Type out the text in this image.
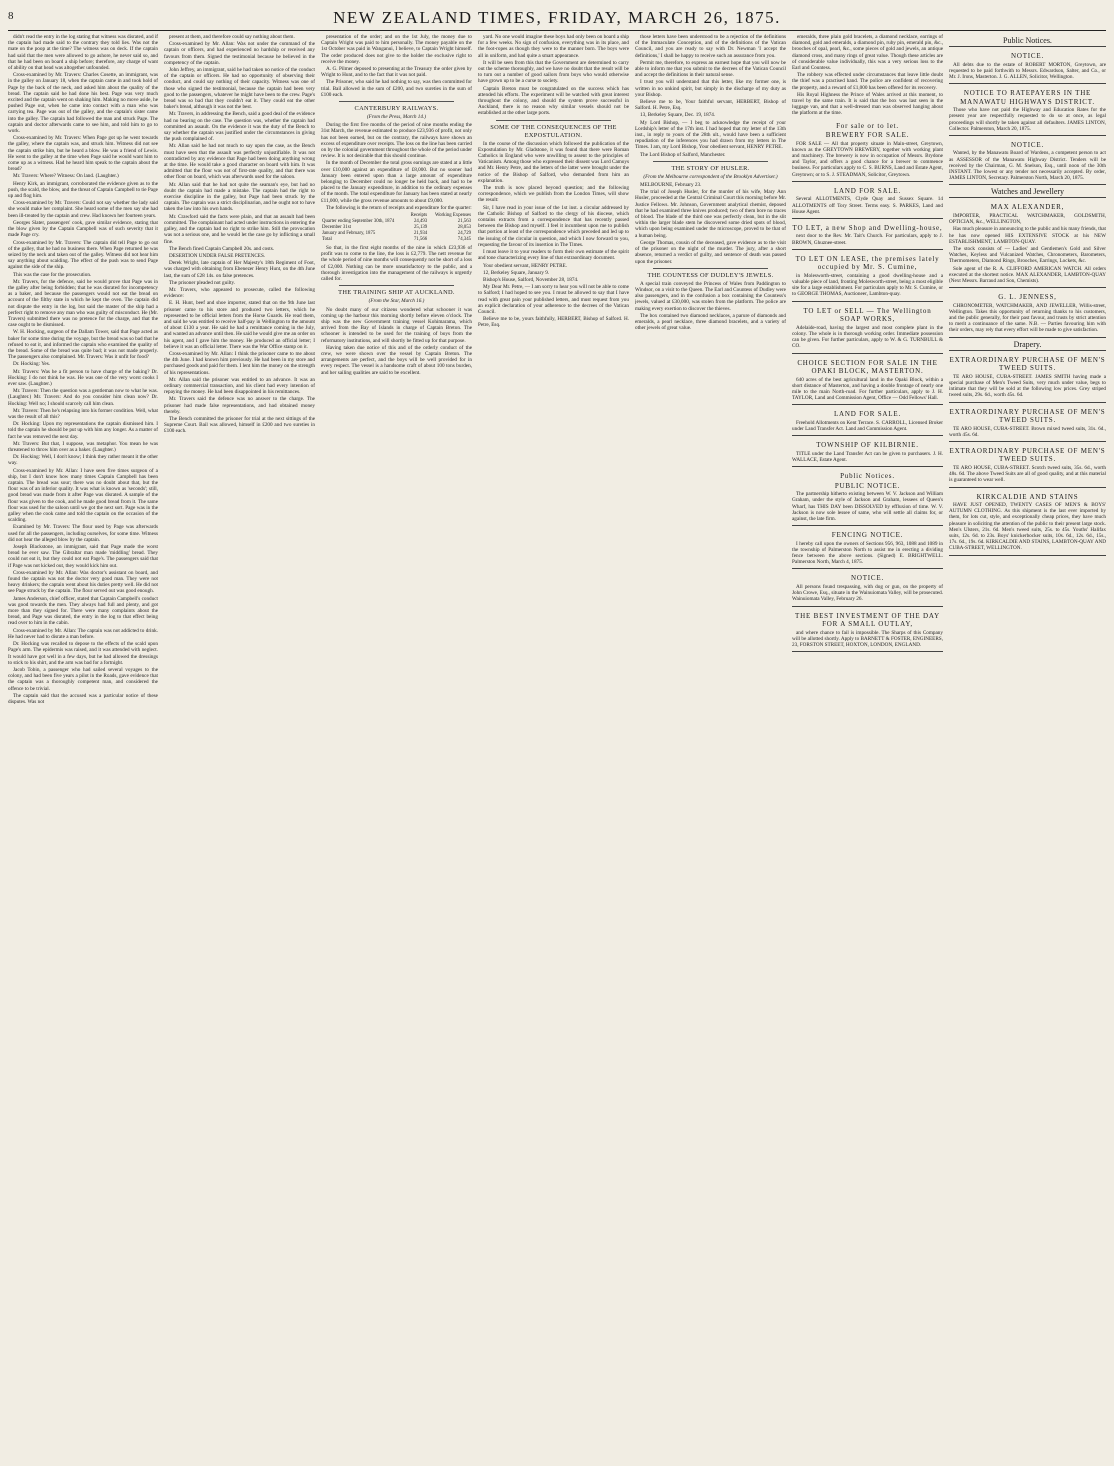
8	NEW ZEALAND TIMES, FRIDAY, MARCH 26, 1875.

didn't read the entry in the log stating that witness was disrated, and if the captain had made said to the contrary they told lies. Was not the mate on the poop at the time? The witness was on deck. If the captain had said that the men were allowed to go ashore, he never said so, and that he had been on board a ship before; therefore, any charge of want of ability on that head was altogether unfounded.

Cross-examined by Mr. Travers: Charles Cosette, an immigrant, was in the galley on January 18, when the captain came in and took hold of Page by the back of the neck, and asked him about the quality of the bread. The captain said he had done his best. Page was very much excited and the captain went on shaking him. Making no move aside, he pushed Page out, when he came into contact with a man who was carrying tea. Page was out of the galley, and the captain's sister came into the galley. The captain had followed the man and struck Page. The captain and doctor afterwards came to see him, and told him to go to work.

Cross-examined by Mr. Travers: When Page got up he went towards the galley, where the captain was, and struck him. Witness did not see the captain strike him, but he heard a blow. He was a friend of Lewis. He went to the galley at the time when Page said he would want him to come up as a witness. Had he heard him speak to the captain about the bread?

Mr. Travers: Where? Witness: On land. (Laughter.)

Henry Kirk, an immigrant, corroborated the evidence given as to the push, the scald, the blow, and the threat of Captain Campbell to tie Page up and flog him.

Cross-examined by Mr. Travers: Could not say whether the lady said she would make her complaint. She heard some of the men say she had been ill-treated by the captain and crew. Had known her fourteen years.

Georges Slater, passengers' cook, gave similar evidence, stating that the blow given by the Captain Campbell was of such severity that it made Page cry.

Cross-examined by Mr. Travers: The captain did tell Page to go out of the galley, that he had no business there. When Page returned he was seized by the neck and taken out of the galley. Witness did not hear him say anything about scalding. The effect of the push was to send Page against the side of the ship.

This was the case for the prosecution.

Mr. Travers, for the defence, said he would prove that Page was in the galley after being forbidden; that he was disrated for incompetency as a baker, and because the passengers would not eat the bread on account of the filthy state in which he kept the oven. The captain did not dispute the entry in the log, but said the master of the ship had a perfect right to remove any man who was guilty of misconduct. He (Mr. Travers) submitted there was no pretence for the charge, and that the case ought to be dismissed.

W. H. Hocking, surgeon of the Dallam Tower, said that Page acted as baker for some time during the voyage, but the bread was so bad that he refused to eat it, and informed the captain who examined the quality of the bread. Some of the bread was quite bad; it was not made properly. The passengers also complained. Mr. Travers: Was it unfit for food?

Dr. Hocking: Yes.

Mr. Travers: Was he a fit person to have charge of the baking? Dr. Hocking: I do not think he was. He was one of the very worst cooks I ever saw. (Laughter.)

Mr. Travers: Then the question was a gentleman now to what he was. (Laughter.) Mr. Travers: And do you consider him clean now? Dr. Hocking: Well no; I should scarcely call him clean.

Mr. Travers: Then he's relapsing into his former condition. Well, what was the result of all this?

Dr. Hocking: Upon my representations the captain dismissed him. I told the captain he should be put up with him any longer. As a matter of fact he was removed the next day.

Mr. Travers: But that, I suppose, was metaphor. You mean he was threatened to throw him over as a baker. (Laughter.)

Dr. Hocking: Well, I don't know; I think they rather meant it the other way.

Cross-examined by Mr. Allan: I have seen five times surgeon of a ship, but I don't know how many times Captain Campbell has been captain. The bread was sour; there was no doubt about that, but the flour was of an inferior quality. It was what is known as 'seconds'; still, good bread was made from it after Page was disrated. A sample of the flour was given to the cook, and he made good bread from it. The same flour was used for the saloon until we got the next sort. Page was in the galley when the cook came and told the captain on the occasion of the scalding.

Examined by Mr. Travers: The flour used by Page was afterwards used for all the passengers, including ourselves, for some time. Witness did not hear the alleged blow by the captain.

Joseph Blackstone, an immigrant, said that Page made the worst bread he ever saw. The Gibraltar man made 'middling' bread. They could not eat it, but they could not eat Page's. The passengers said that if Page was not kicked out, they would kick him out.

Cross-examined by Mr. Allan: Was doctor's assistant on board, and found the captain was not the doctor very good man. They were not heavy drinkers; the captain went about his duties pretty well. He did not see Page struck by the captain. The flour served out was good enough.

James Anderson, chief officer, stated that Captain Campbell's conduct was good towards the men. They always had full and plenty, and got more than they signed for. There were many complaints about the bread, and Page was disrated, the entry in the log to that effect being read over to him in the cabin.

Cross-examined by Mr. Allan: The captain was not addicted to drink. He had never had to disrate a man before.

Dr. Hocking was recalled to depose to the effects of the scald upon Page's arm. The epidermis was raised, and it was attended with neglect. It would have got well in a few days, but he had allowed the dressings to stick to his shirt, and the arm was bad for a fortnight.

Jacob Tobin, a passenger who had sailed several voyages to the colony, and had been five years a pilot in the Roads, gave evidence that the captain was a thoroughly competent man, and considered the offence to be trivial.

The captain said that the accused was a particular notice of these disputes. Was not

present at them, and therefore could say nothing about them.

Cross-examined by Mr. Allan: Was not under the command of the captain or officers, and had experienced no hardship or received any favours from them. Signed the testimonial because he believed in the competency of the captain.

John Jeffrey, an immigrant, said he had taken no notice of the conduct of the captain or officers. He had no opportunity of observing their conduct, and could say nothing of their capacity. Witness was one of those who signed the testimonial, because the captain had been very good to the passengers, whatever he might have been to the crew. Page's bread was so bad that they couldn't eat it. They could eat the other baker's bread, although it was not the best.

Mr. Travers, in addressing the Bench, said a good deal of the evidence had no bearing on the case. The question was, whether the captain had committed an assault. On the evidence it was the duty of the Bench to say whether the captain was justified under the circumstances in giving the push complained of.

Mr. Allan said he had not much to say upon the case, as the Bench must have seen that the assault was perfectly unjustifiable. It was not contradicted by any evidence that Page had been doing anything wrong at the time. He would take a good character on board with him. It was admitted that the flour was not of first-rate quality, and that there was other flour on board, which was afterwards used for the saloon.

Mr. Allan said that he had not quite the seaman's eye, but had no doubt the captain had made a mistake. The captain had the right to exercise discipline in the galley, but Page had been struck by the captain. The captain was a strict disciplinarian, and he ought not to have taken the law into his own hands.

Mr. Crawford said the facts were plain, and that an assault had been committed. The complainant had acted under instructions in entering the galley, and the captain had no right to strike him. Still the provocation was not a serious one, and he would let the case go by inflicting a small fine.

The Bench fined Captain Campbell 20s. and costs.

DESERTION UNDER FALSE PRETENCES.

Derek Wright, late captain of Her Majesty's 18th Regiment of Foot, was charged with obtaining from Ebenezer Henry Hunt, on the 4th June last, the sum of £28 14s. on false pretences.

The prisoner pleaded not guilty.

Mr. Travers, who appeared to prosecute, called the following evidence:

E. H. Hunt, beef and shoe importer, stated that on the 9th June last prisoner came to his store and produced two letters, which he represented to be official letters from the Horse Guards. He read them, and said he was entitled to receive half-pay in Wellington to the amount of about £130 a year. He said he had a remittance coming in the July, and wanted an advance until then. He said he would give me an order on his agent, and I gave him the money. He produced an official letter; I believe it was an official letter. There was the War Office stamp on it.

Cross-examined by Mr. Allan: I think the prisoner came to me about the 4th June. I had known him previously. He had been in my store and purchased goods and paid for them. I lent him the money on the strength of his representations.

Mr. Allan said the prisoner was entitled to an advance. It was an ordinary commercial transaction, and his client had every intention of repaying the money. He had been disappointed in his remittances.

Mr. Travers said the defence was no answer to the charge. The prisoner had made false representations, and had obtained money thereby.

The Bench committed the prisoner for trial at the next sittings of the Supreme Court. Bail was allowed, himself in £200 and two sureties in £100 each.

presentation of the order; and on the 1st July, the money due to Captain Wright was paid to him personally. The money payable on the 1st October was paid in Wanganui, I believe, to Captain Wright himself. The order produced does not give to the holder the exclusive right to receive the money.

A. G. Pilmer deposed to presenting at the Treasury the order given by Wright to Hunt, and to the fact that it was not paid.

The Prisoner, who said he had nothing to say, was then committed for trial. Bail allowed in the sum of £200, and two sureties in the sum of £100 each.

CANTERBURY RAILWAYS.
(From the Press, March 14.)

During the first five months of the period of nine months ending the 31st March, the revenue estimated to produce £23,936 of profit, not only has not been earned, but on the contrary, the railways have shown an excess of expenditure over receipts. The loss on the line has been carried on by the colonial government throughout the whole of the period under review. It is not desirable that this should continue.

In the month of December the total gross earnings are stated at a little over £10,000 against an expenditure of £8,000. But no sooner had January been entered upon than a large amount of expenditure belonging to December could no longer be held back, and had to be placed to the January expenditure, in addition to the ordinary expenses of the month. The total expenditure for January has been stated at nearly £11,000, while the gross revenue amounts to about £9,000.

The following is the return of receipts and expenditure for the quarter:

	Receipts	Working Expenses
Quarter ending September 30th, 1874	24,493	21,563
December 31st	25,139	28,053
January and February, 1875	21,934	24,729
Total	71,566	74,345

So that, in the first eight months of the nine in which £23,936 of profit was to come to the line, the loss is £2,779. The nett revenue for the whole period of nine months will consequently not be short of a loss of £2,000. Nothing can be more unsatisfactory to the public, and a thorough investigation into the management of the railways is urgently called for.

THE TRAINING SHIP AT AUCKLAND.
(From the Star, March 16.)

No doubt many of our citizens wondered what schooner it was coming up the harbour this morning shortly before eleven o'clock. The ship was the new Government training vessel Kohimarama, which arrived from the Bay of Islands in charge of Captain Breton. The schooner is intended to be used for the training of boys from the reformatory institutions, and will shortly be fitted up for that purpose.

Having taken due notice of this and of the orderly conduct of the crew, we were shown over the vessel by Captain Breton. The arrangements are perfect, and the boys will be well provided for in every respect. The vessel is a handsome craft of about 100 tons burden, and her sailing qualities are said to be excellent.

yard. No one would imagine these boys had only been on board a ship for a few weeks. No sign of confusion, everything was in its place, and the foot-ropes as though they were to the manner born. The boys were all in uniform, and had quite a smart appearance.

It will be seen from this that the Government are determined to carry out the scheme thoroughly, and we have no doubt that the result will be to turn out a number of good sailors from boys who would otherwise have grown up to be a curse to society.

Captain Breton must be congratulated on the success which has attended his efforts. The experiment will be watched with great interest throughout the colony, and should the system prove successful in Auckland, there is no reason why similar vessels should not be established at the other large ports.

SOME OF THE CONSEQUENCES OF THE EXPOSTULATION.

In the course of the discussion which followed the publication of the Expostulation by Mr. Gladstone, it was found that there were Roman Catholics in England who were unwilling to assent to the principles of Vaticanism. Among those who expressed their dissent was Lord Camoys and Mr. Henry Petre, and the letters of the latter were brought under the notice of the Bishop of Salford, who demanded from him an explanation.

The truth is now placed beyond question; and the following correspondence, which we publish from the London Times, will show the result:

Sir, I have read in your issue of the 1st inst. a circular addressed by the Catholic Bishop of Salford to the clergy of his diocese, which contains extracts from a correspondence that has recently passed between the Bishop and myself. I feel it incumbent upon me to publish that portion at least of the correspondence which preceded and led up to the issuing of the circular in question, and which I now forward to you, requesting the favour of its insertion in The Times.

I must leave it to your readers to form their own estimate of the spirit and tone characterizing every line of that extraordinary document.

Your obedient servant, HENRY PETRE.

12, Berkeley Square, January 9.

Bishop's House, Salford, November 28, 1874.

My Dear Mr. Petre, — I am sorry to hear you will not be able to come to Salford; I had hoped to see you. I must be allowed to say that I have read with great pain your published letters, and must request from you an explicit declaration of your adherence to the decrees of the Vatican Council.

Believe me to be, yours faithfully, HERBERT, Bishop of Salford. H. Petre, Esq.

those letters have been understood to be a rejection of the definitions of the Immaculate Conception, and of the definitions of the Vatican Council, and you are ready to say with Dr. Newman 'I accept the definitions,' I shall be happy to receive such an assurance from you.

Permit me, therefore, to express an earnest hope that you will now be able to inform me that you submit to the decrees of the Vatican Council and accept the definitions in their natural sense.

I trust you will understand that this letter, like my former one, is written in no unkind spirit, but simply in the discharge of my duty as your Bishop.

Believe me to be, Your faithful servant, HERBERT, Bishop of Salford. H. Petre, Esq.

13, Berkeley Square, Dec. 19, 1874.

My Lord Bishop, — I beg to acknowledge the receipt of your Lordship's letter of the 17th inst. I had hoped that my letter of the 13th inst., in reply to yours of the 28th ult., would have been a sufficient repudiation of the inferences you had drawn from my letters in The Times. I am, my Lord Bishop, Your obedient servant, HENRY PETRE.

The Lord Bishop of Salford, Manchester.

THE STORY OF HUSLER.
(From the Melbourne correspondent of the Brooklyn Advertiser.)

MELBOURNE, February 23.

The trial of Joseph Husler, for the murder of his wife, Mary Ann Husler, proceeded at the Central Criminal Court this morning before Mr. Justice Fellows. Mr. Johnson, Government analytical chemist, deposed that he had examined three knives produced; two of them bore no traces of blood. The blade of the third one was perfectly clean, but in the slit within the larger blade stem he discovered some dried spots of blood, which upon being examined under the microscope, proved to be that of a human being.

George Thomas, cousin of the deceased, gave evidence as to the visit of the prisoner on the night of the murder. The jury, after a short absence, returned a verdict of guilty, and sentence of death was passed upon the prisoner.

THE COUNTESS OF DUDLEY'S JEWELS.

A special train conveyed the Princess of Wales from Paddington to Windsor, on a visit to the Queen. The Earl and Countess of Dudley were also passengers, and in the confusion a box containing the Countess's jewels, valued at £30,000, was stolen from the platform. The police are making every exertion to discover the thieves.

The box contained two diamond necklaces, a parure of diamonds and emeralds, a pearl necklace, three diamond bracelets, and a variety of other jewels of great value.

emeralds, three plain gold bracelets, a diamond necklace, earrings of diamond, gold and emeralds, a diamond pin, ruby pin, emerald pin, &c., brooches of opal, pearl, &c., some pieces of gold and jewels, an antique diamond cross, and many rings of great value. Though these articles are of considerable value individually, this was a very serious loss to the Earl and Countess.

The robbery was effected under circumstances that leave little doubt the thief was a practised hand. The police are confident of recovering the property, and a reward of £1,000 has been offered for its recovery.

His Royal Highness the Prince of Wales arrived at this moment, to travel by the same train. It is said that the box was last seen in the luggage van, and that a well-dressed man was observed hanging about the platform at the time.

For sale or to let.
BREWERY FOR SALE.

FOR SALE — All that property situate in Main-street, Greytown, known as the GREYTOWN BREWERY, together with working plant and machinery. The brewery is now in occupation of Messrs. Brydone and Taylor, and offers a good chance for a brewer to commence business. For particulars apply to C. S. BURNS, Land and Estate Agent, Greytown; or to S. J. STEADMAN, Solicitor, Greytown.

LAND FOR SALE.

Several ALLOTMENTS, Clyde Quay and Sussex Square. 14 ALLOTMENTS off Tory Street. Terms easy. S. PARKES, Land and House Agent.

TO LET, a new Shop and Dwelling-house,

next door to the Rev. Mr. Tait's Church. For particulars, apply to J. BROWN, Ghuznee-street.

TO LET ON LEASE, the premises lately occupied by Mr. S. Cumine,

in Molesworth-street, containing a good dwelling-house and a valuable piece of land, fronting Molesworth-street, being a most eligible site for a large establishment. For particulars apply to Mr. S. Cumine, or to GEORGE THOMAS, Auctioneer, Lambton-quay.

TO LET or SELL — The Wellington SOAP WORKS,

Adelaide-road, having the largest and most complete plant in the colony. The whole is in thorough working order. Immediate possession can be given. For further particulars, apply to W. & G. TURNBULL & CO.

CHOICE SECTION FOR SALE IN THE OPAKI BLOCK, MASTERTON.

640 acres of the best agricultural land in the Opaki Block, within a short distance of Masterton, and having a double frontage of nearly one mile to the main North-road. For further particulars, apply to J. H. TAYLOR, Land and Commission Agent, Office — Odd Fellows' Hall.

LAND FOR SALE.

Freehold Allotments on Kent Terrace. S. CARROLL, Licensed Broker under Land Transfer Act. Land and Commission Agent.

TOWNSHIP OF KILBIRNIE.

TITLE under the Land Transfer Act can be given to purchasers. J. H. WALLACE, Estate Agent.

Public Notices.
PUBLIC NOTICE.

The partnership hitherto existing between W. V. Jackson and William Graham, under the style of Jackson and Graham, lessees of Queen's Wharf, has THIS DAY been DISSOLVED by effluxion of time. W. V. Jackson is now sole lessee of same, who will settle all claims for, or against, the late firm.

FENCING NOTICE.

I hereby call upon the owners of Sections 956, 963, 1088 and 1089 in the township of Palmerston North to assist me in erecting a dividing fence between the above sections. (Signed) E. BRIGHTWELL. Palmerston North, March 4, 1875.

NOTICE.

All persons found trespassing, with dog or gun, on the property of John Crowe, Esq., situate in the Wainuiomata Valley, will be prosecuted. Wainuiomata Valley, February 26.

THE BEST INVESTMENT OF THE DAY FOR A SMALL OUTLAY,

and where chance to fail is impossible. The Sharps of this Company will be allotted shortly. Apply to BARNETT & FOSTER, ENGINEERS, 23, FORSTON STREET, HOXTON, LONDON, ENGLAND.

Public Notices.
NOTICE.

All debts due to the estate of ROBERT MORTON, Greytown, are requested to be paid forthwith to Messrs. Edwardson, Salter, and Co., or Mr. J. Irons, Masterton. J. G. ALLEN, Solicitor, Wellington.

NOTICE TO RATEPAYERS IN THE MANAWATU HIGHWAYS DISTRICT.

Those who have not paid the Highway and Education Rates for the present year are respectfully requested to do so at once, as legal proceedings will shortly be taken against all defaulters. JAMES LINTON, Collector. Palmerston, March 20, 1875.

NOTICE.

Wanted, by the Manawatu Board of Wardens, a competent person to act as ASSESSOR of the Manawatu Highway District. Tenders will be received by the Chairman, G. M. Snelson, Esq., until noon of the 30th INSTANT. The lowest or any tender not necessarily accepted. By order, JAMES LINTON, Secretary. Palmerston North, March 20, 1875.

Watches and Jewellery
MAX ALEXANDER,

IMPORTER, PRACTICAL WATCHMAKER, GOLDSMITH, OPTICIAN, &c., WELLINGTON,

Has much pleasure in announcing to the public and his many friends, that he has now opened HIS EXTENSIVE STOCK at his NEW ESTABLISHMENT, LAMBTON-QUAY.

The stock consists of — Ladies' and Gentlemen's Gold and Silver Watches, Keyless and Vulcanized Watches, Chronometers, Barometers, Thermometers, Diamond Rings, Brooches, Earrings, Lockets, &c.

Sole agent of the R. A. CLIFFORD AMERICAN WATCH. All orders executed at the shortest notice. MAX ALEXANDER, LAMBTON-QUAY (Next Messrs. Barraud and Son, Chemists).

G. L. JENNESS,

CHRONOMETER, WATCHMAKER, AND JEWELLER, Willis-street, Wellington. Takes this opportunity of returning thanks to his customers, and the public generally, for their past favour, and trusts by strict attention to merit a continuance of the same. N.B. — Parties favouring him with their orders, may rely that every effort will be made to give satisfaction.

Drapery.
EXTRAORDINARY PURCHASE OF MEN'S TWEED SUITS.

TE ARO HOUSE, CUBA-STREET. JAMES SMITH having made a special purchase of Men's Tweed Suits, very much under value, begs to intimate that they will be sold at the following low prices. Grey striped tweed suits, 29s. 6d., worth 45s. 6d.

EXTRAORDINARY PURCHASE OF MEN'S TWEED SUITS.

TE ARO HOUSE, CUBA-STREET. Brown mixed tweed suits, 31s. 6d., worth 45s. 6d.

EXTRAORDINARY PURCHASE OF MEN'S TWEED SUITS.

TE ARO HOUSE, CUBA-STREET. Scotch tweed suits, 35s. 6d., worth 48s. 6d. The above Tweed Suits are all of good quality, and at this material is guaranteed to wear well.

KIRKCALDIE AND STAINS

HAVE JUST OPENED, TWENTY CASES OF MEN'S & BOYS' AUTUMN CLOTHING. As this shipment is the last ever imported by them, for lots cut, style, and exceptionally cheap prices, they have much pleasure in soliciting the attention of the public to their present large stock. Men's Ulsters, 21s. 6d. Men's tweed suits, 25s. to 45s. Youths' Halifax suits, 12s. 6d. to 23s. Boys' knickerbocker suits, 10s. 6d., 12s. 6d., 15s., 17s. 6d., 19s. 6d. KIRKCALDIE AND STAINS, LAMBTON-QUAY AND CUBA-STREET, WELLINGTON.
